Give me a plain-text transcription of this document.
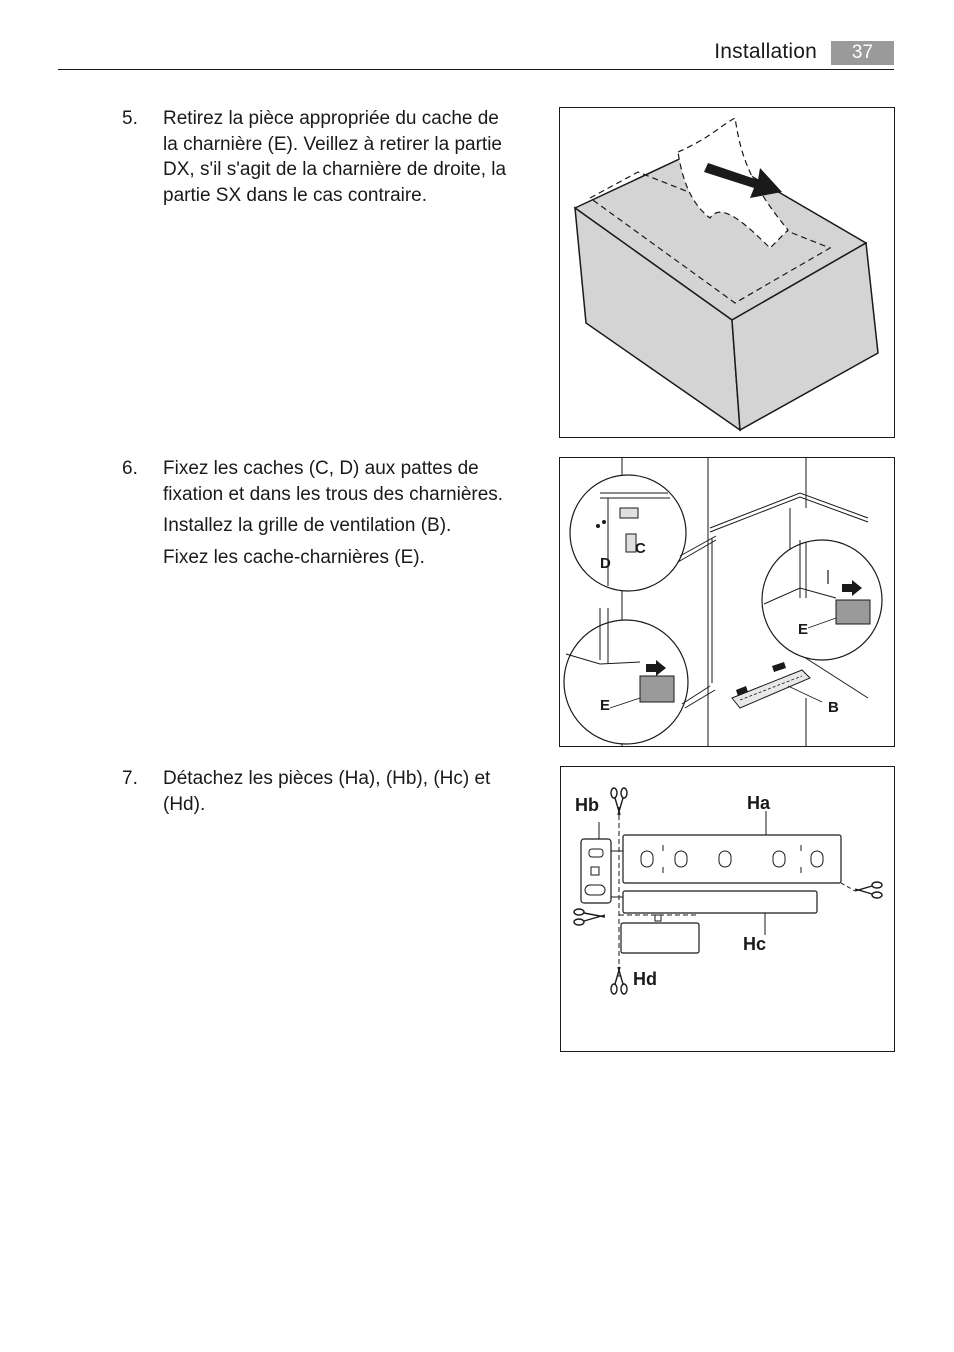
Installation	37
5. Retirez la pièce appropriée du cache de la charnière (E). Veillez à retirer la partie DX, s'il s'agit de la charnière de droite, la partie SX dans le cas contraire.

6. Fixez les caches (C, D) aux pattes de fixation et dans les trous des charnières.

Installez la grille de ventilation (B).

Fixez les cache-charnières (E).

7. Détachez les pièces (Ha), (Hb), (Hc) et (Hd).

C
D
E
E	B
Hb	Ha
Hc
Hd
